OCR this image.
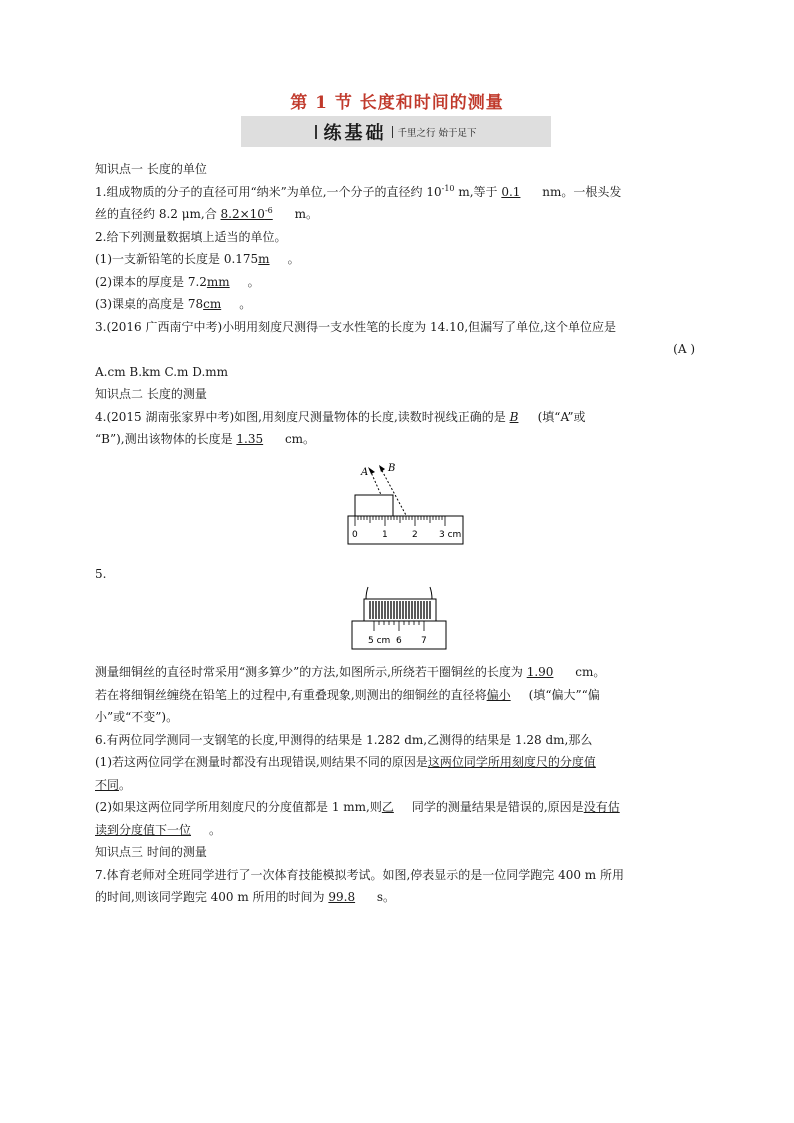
第 1 节 长度和时间的测量
练基础 千里之行 始于足下

知识点一 长度的单位

1.组成物质的分子的直径可用“纳米”为单位,一个分子的直径约 $10^{-10}$ m,等于 0.1 nm。一根头发

丝的直径约 8.2 μm,合 $8.2\times 10^{-6}$ m。

2.给下列测量数据填上适当的单位。

(1)一支新铅笔的长度是 0.175m 。

(2)课本的厚度是 7.2mm 。

(3)课桌的高度是 78cm 。

3.(2016 广西南宁中考)小明用刻度尺测得一支水性笔的长度为 14.10,但漏写了单位,这个单位应是

(A )

A.cm B.km C.m D.mm

知识点二 长度的测量

4.(2015 湖南张家界中考)如图,用刻度尺测量物体的长度,读数时视线正确的是 B (填“A”或

“B”),测出该物体的长度是 1.35 cm。

A B
0	1	2 3 cm

5.

5 cm 6 7

测量细铜丝的直径时常采用“测多算少”的方法,如图所示,所绕若干圈铜丝的长度为 1.90 cm。

若在将细铜丝缠绕在铅笔上的过程中,有重叠现象,则测出的细铜丝的直径将偏小 (填“偏大”“偏

小”或“不变”)。

6.有两位同学测同一支钢笔的长度,甲测得的结果是 1.282 dm,乙测得的结果是 1.28 dm,那么

(1)若这两位同学在测量时都没有出现错误,则结果不同的原因是这两位同学所用刻度尺的分度值

不同。

(2)如果这两位同学所用刻度尺的分度值都是 1 mm,则乙 同学的测量结果是错误的,原因是没有估

读到分度值下一位 。

知识点三 时间的测量

7.体育老师对全班同学进行了一次体育技能模拟考试。如图,停表显示的是一位同学跑完 400 m 所用

的时间,则该同学跑完 400 m 所用的时间为 99.8 s。
